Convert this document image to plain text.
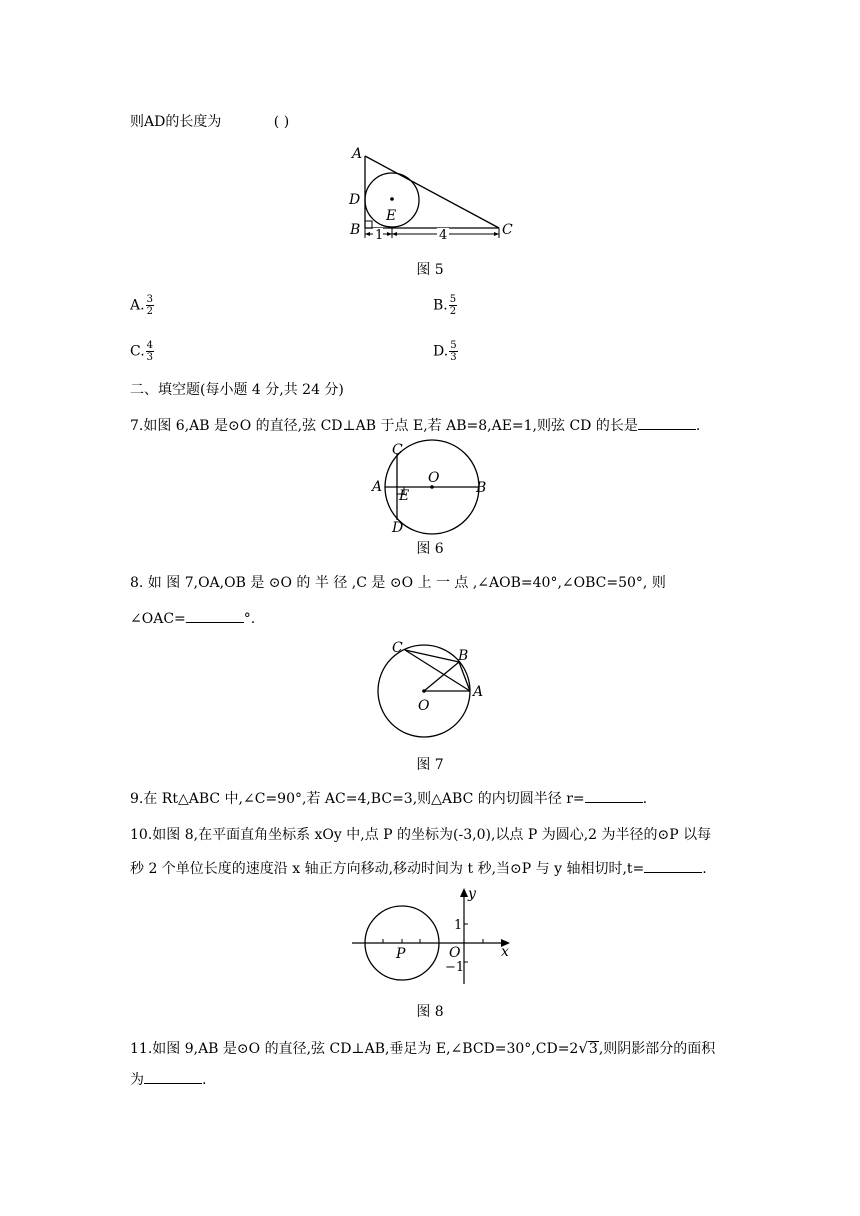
则AD的长度为	( )
1	4
A
D
B
E
C
图 5
A. $\frac{3}{2}$	B. $\frac{5}{2}$
C. $\frac{4}{3}$	D. $\frac{5}{3}$
二、填空题(每小题 4 分,共 24 分)
7.如图 6,AB 是⊙O 的直径,弦 CD⊥AB 于点 E,若 AB=8,AE=1,则弦 CD 的长是	.
C
A
E
O
B
D
图 6
8. 如 图 7,OA,OB 是 ⊙O 的 半 径 ,C 是 ⊙O 上 一 点 ,∠AOB=40°,∠OBC=50°, 则
∠OAC=	°.
C	B
A
O
图 7
9.在 Rt△ABC 中,∠C=90°,若 AC=4,BC=3,则△ABC 的内切圆半径 r=	.
10.如图 8,在平面直角坐标系 xOy 中,点 P 的坐标为(-3,0),以点 P 为圆心,2 为半径的⊙P 以每
秒 2 个单位长度的速度沿 x 轴正方向移动,移动时间为 t 秒,当⊙P 与 y 轴相切时,t=	.
y
1
O
−1
x
P
图 8
11.如图 9,AB 是⊙O 的直径,弦 CD⊥AB,垂足为 E,∠BCD=30°,CD=2√3,则阴影部分的面积
为	.
